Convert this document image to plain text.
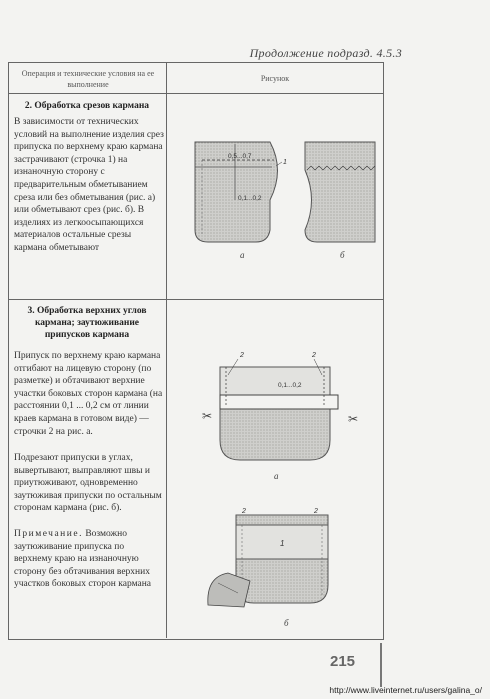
Продолжение подразд. 4.5.3
Операция и технические условия на ее выполнение
Рисунок
2. Обработка срезов кармана
В зависимости от технических условий на выполнение изделия срез припуска по верхнему краю кармана застрачивают (строчка 1) на изнаночную сторону с предварительным обметыванием среза или без обметывания (рис. а) или обметывают срез (рис. б). В изделиях из легкоосыпающихся материалов остальные срезы кармана обметывают
0,5...0,7
0,1...0,2
1
а	б
3. Обработка верхних углов кармана; заутюживание припусков кармана
Припуск по верхнему краю кармана отгибают на лицевую сторону (по разметке) и обтачивают верхние участки боковых сторон кармана (на расстоянии 0,1 ... 0,2 см от линии краев кармана в готовом виде) — строчки 2 на рис. а.
Подрезают припуски в углах, вывертывают, выправляют швы и приутюживают, одновременно заутюживая припуски по остальным сторонам кармана (рис. б).
Примечание. Возможно заутюживание припуска по верхнему краю на изнаночную сторону без обтачивания верхних участков боковых сторон кармана
0,1...0,2
2	2
✂	✂
1
2	2
а
б
215
http://www.liveinternet.ru/users/galina_o/
